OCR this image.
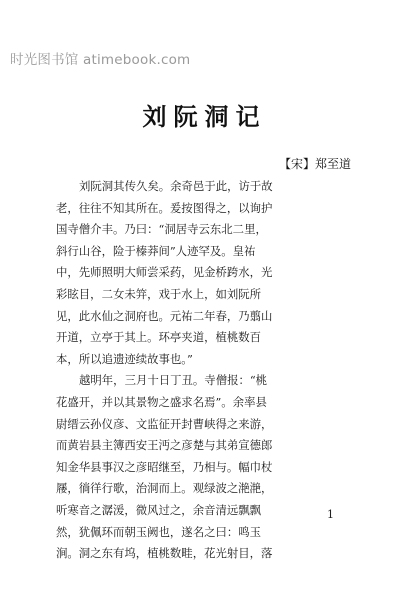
时光图书馆 atimebook.com
刘阮洞记
【宋】郑至道
刘阮洞其传久矣。余奇邑于此，访于故
老，往往不知其所在。爰按图得之，以询护
国寺僧介丰。乃曰：“洞居寺云东北二里，
斜行山谷，险于榛莽间”人迹罕及。皇祐
中，先师照明大师尝采药，见金桥跨水，光
彩眩目，二女未笄，戏于水上，如刘阮所
见，此水仙之洞府也。元祐二年春，乃翦山
开道，立亭于其上。环亭夹道，植桃数百
本，所以追遗迹续故事也。”
越明年，三月十日丁丑。寺僧报：“桃
花盛开，并以其景物之盛求名焉”。余率县
尉缙云孙仪彦、文监征开封曹峡得之来游，
而黄岩县主簿西安王沔之彦楚与其弟宣德郎
知金华县事汉之彦昭继至，乃相与。幅巾杖
屦，徜徉行歌，治洞而上。观绿波之滟滟，
听寒音之潺湲，微风过之，余音清远飘飘
然，犹佩环而朝玉阙也，遂名之曰：鸣玉
涧。洞之东有坞，植桃数畦，花光射目，落
1
